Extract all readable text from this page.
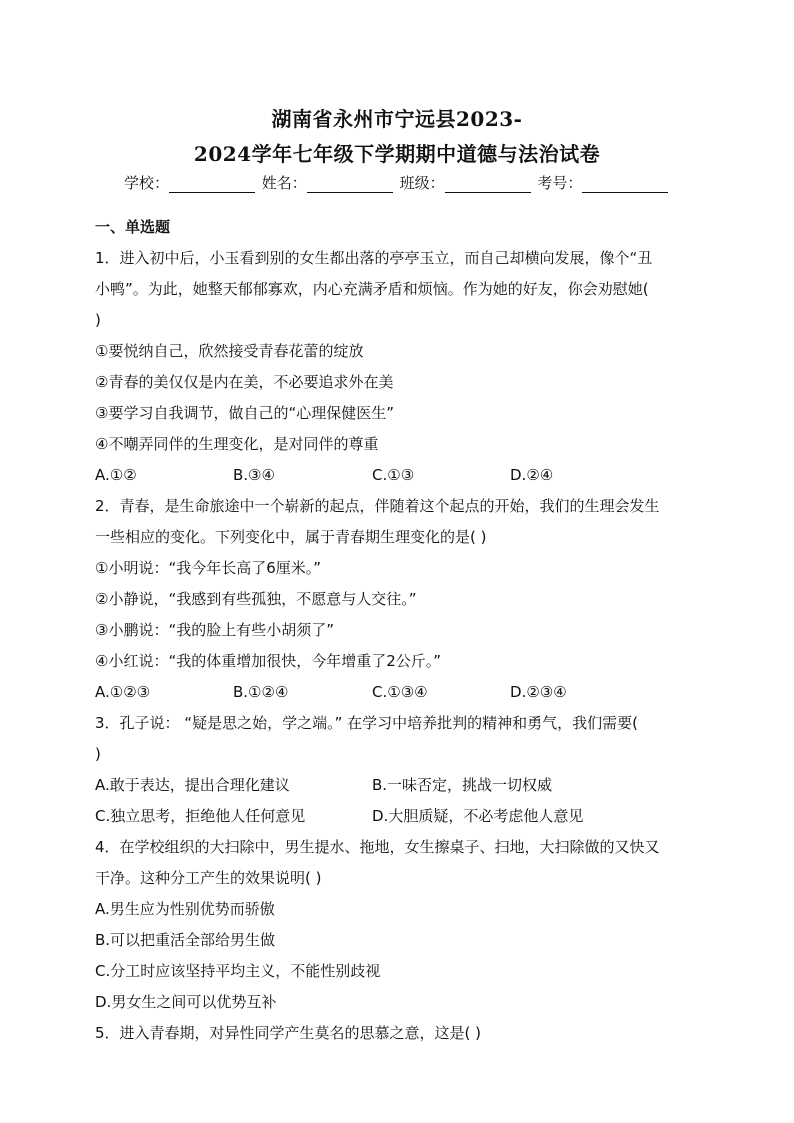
湖南省永州市宁远县2023-
2024学年七年级下学期期中道德与法治试卷
学校：	姓名：	班级：	考号：
一、单选题
1．进入初中后，小玉看到别的女生都出落的亭亭玉立，而自己却横向发展，像个“丑
小鸭”。为此，她整天郁郁寡欢，内心充满矛盾和烦恼。作为她的好友，你会劝慰她(
)
①要悦纳自己，欣然接受青春花蕾的绽放
②青春的美仅仅是内在美，不必要追求外在美
③要学习自我调节，做自己的“心理保健医生”
④不嘲弄同伴的生理变化，是对同伴的尊重
A.①②	B.③④	C.①③	D.②④
2．青春，是生命旅途中一个崭新的起点，伴随着这个起点的开始，我们的生理会发生
一些相应的变化。下列变化中，属于青春期生理变化的是( )
①小明说：“我今年长高了6厘米。”
②小静说，“我感到有些孤独，不愿意与人交往。”
③小鹏说：“我的脸上有些小胡须了”
④小红说：“我的体重增加很快，今年增重了2公斤。”
A.①②③	B.①②④	C.①③④	D.②③④
3．孔子说： “疑是思之始，学之端。” 在学习中培养批判的精神和勇气，我们需要(
)
A.敢于表达，提出合理化建议	B.一味否定，挑战一切权威
C.独立思考，拒绝他人任何意见	D.大胆质疑，不必考虑他人意见
4．在学校组织的大扫除中，男生提水、拖地，女生擦桌子、扫地，大扫除做的又快又
干净。这种分工产生的效果说明( )
A.男生应为性别优势而骄傲
B.可以把重活全部给男生做
C.分工时应该坚持平均主义，不能性别歧视
D.男女生之间可以优势互补
5．进入青春期，对异性同学产生莫名的思慕之意，这是( )
